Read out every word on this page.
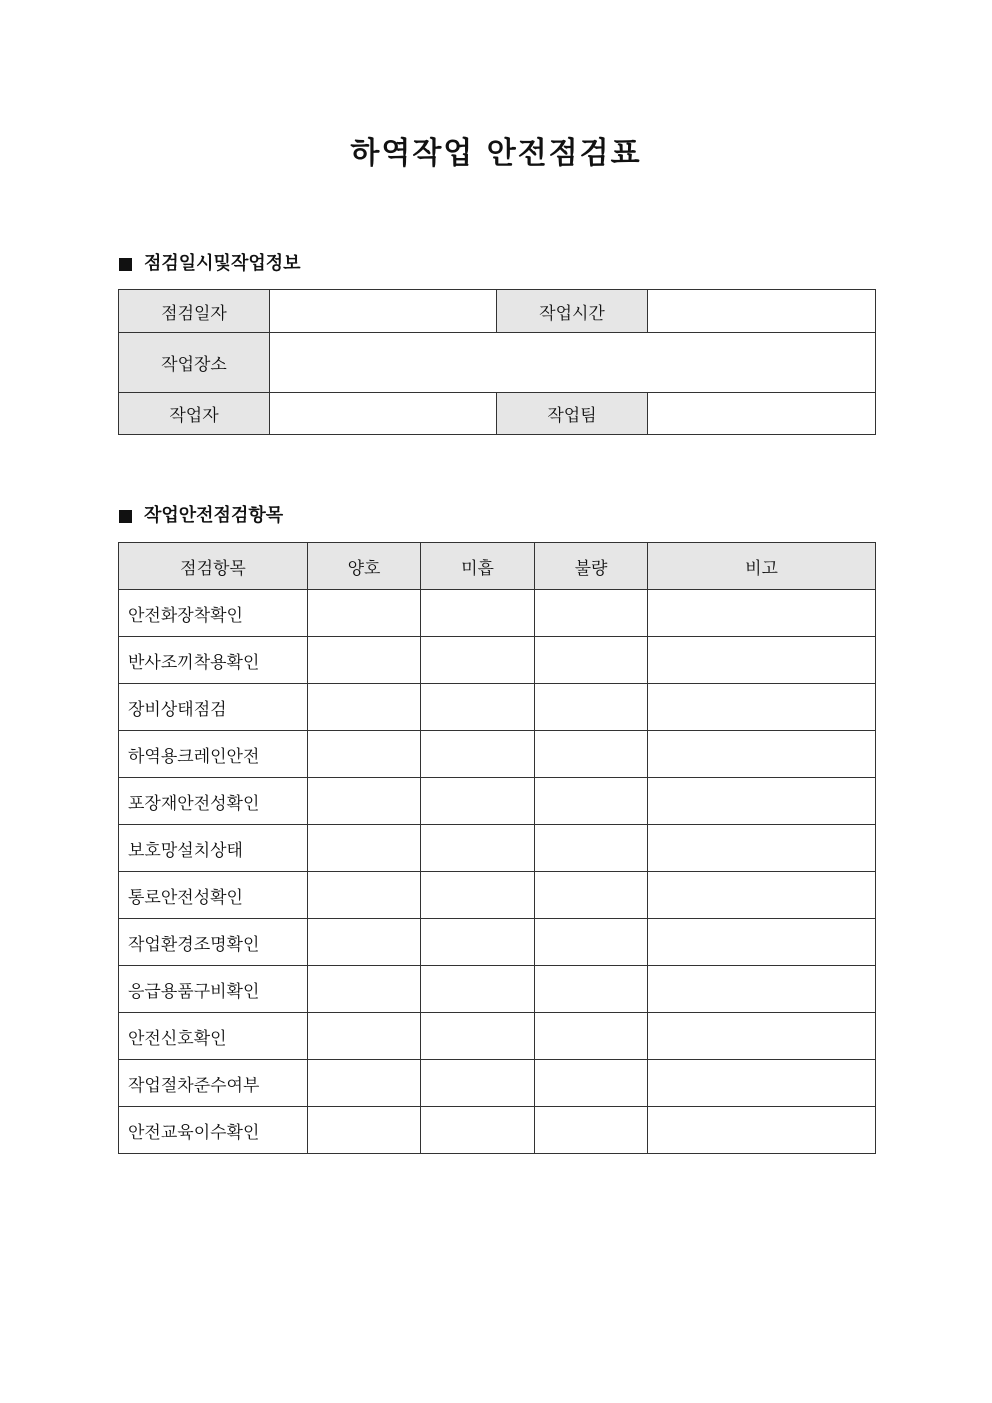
하역작업 안전점검표
점검일시및작업정보
점검일자		작업시간	
작업장소			
작업자		작업팀	
작업안전점검항목
점검항목	양호	미흡	불량	비고
안전화장착확인				
반사조끼착용확인				
장비상태점검				
하역용크레인안전				
포장재안전성확인				
보호망설치상태				
통로안전성확인				
작업환경조명확인				
응급용품구비확인				
안전신호확인				
작업절차준수여부				
안전교육이수확인				
